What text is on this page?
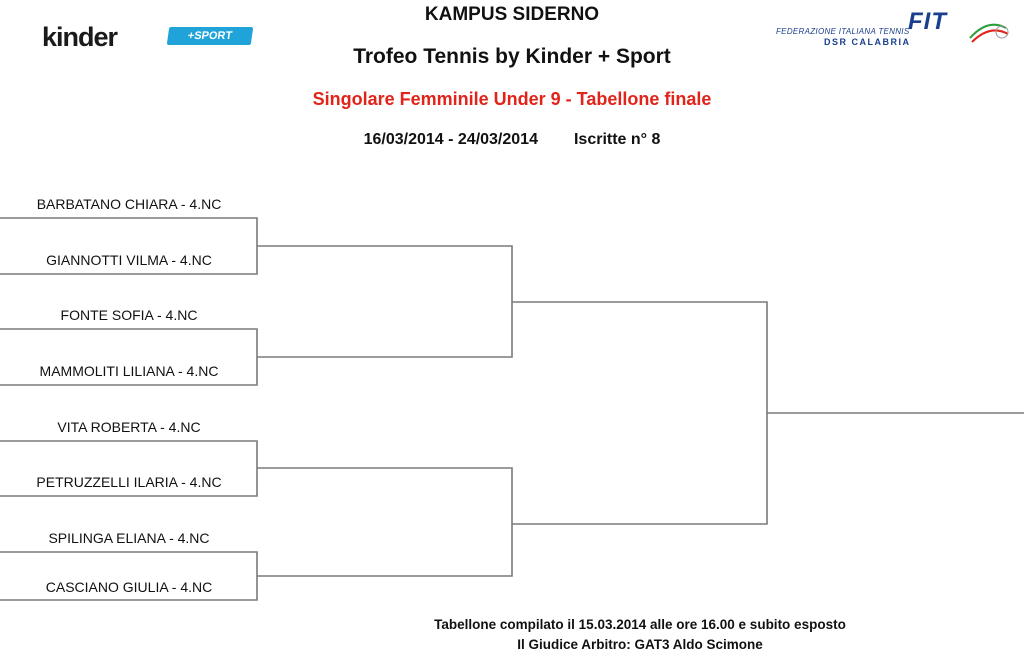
KAMPUS SIDERNO
Trofeo Tennis by Kinder + Sport
Singolare Femminile Under 9 - Tabellone finale
16/03/2014 - 24/03/2014 Iscritte n° 8
kinder	+SPORT
FIT
FEDERAZIONE ITALIANA TENNIS
DSR CALABRIA
BARBATANO CHIARA - 4.NC
GIANNOTTI VILMA - 4.NC
FONTE SOFIA - 4.NC
MAMMOLITI LILIANA - 4.NC
VITA ROBERTA - 4.NC
PETRUZZELLI ILARIA - 4.NC
SPILINGA ELIANA - 4.NC
CASCIANO GIULIA - 4.NC
Tabellone compilato il 15.03.2014 alle ore 16.00 e subito esposto
Il Giudice Arbitro: GAT3 Aldo Scimone
